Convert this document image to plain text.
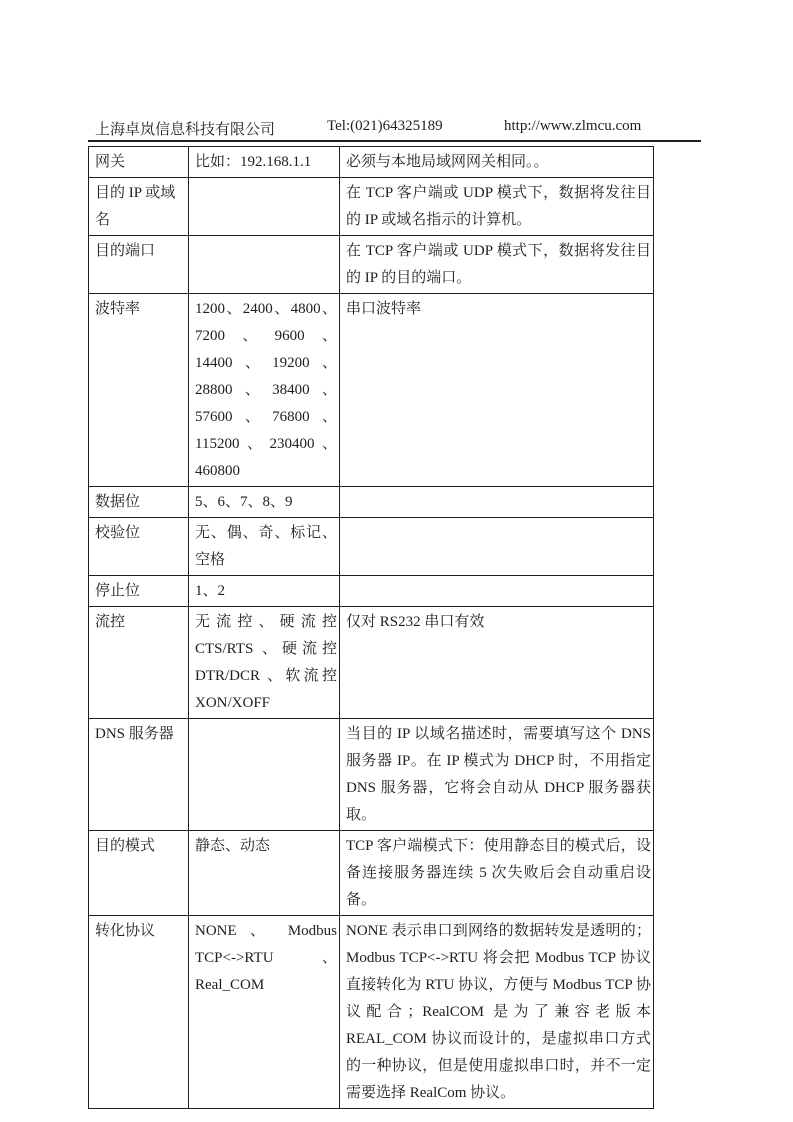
上海卓岚信息科技有限公司	Tel:(021)64325189	http://www.zlmcu.com
网关	比如：192.168.1.1	必须与本地局域网网关相同。。
目的 IP 或域名		在 TCP 客户端或 UDP 模式下，数据将发往目的 IP 或域名指示的计算机。
目的端口		在 TCP 客户端或 UDP 模式下，数据将发往目的 IP 的目的端口。
波特率	1200、2400、4800、7200、9600、14400、19200、28800、38400、57600、76800、115200、230400、460800	串口波特率
数据位	5、6、7、8、9	
校验位	无、偶、奇、标记、空格	
停止位	1、2	
流控	无流控、硬流控 CTS/RTS 、硬流控 DTR/DCR 、软流控 XON/XOFF	仅对 RS232 串口有效
DNS 服务器		当目的 IP 以域名描述时，需要填写这个 DNS 服务器 IP。在 IP 模式为 DHCP 时，不用指定 DNS 服务器，它将会自动从 DHCP 服务器获取。
目的模式	静态、动态	TCP 客户端模式下：使用静态目的模式后，设备连接服务器连续 5 次失败后会自动重启设备。
转化协议	NONE 、 Modbus TCP<->RTU、Real_COM	NONE 表示串口到网络的数据转发是透明的；Modbus TCP<->RTU 将会把 Modbus TCP 协议直接转化为 RTU 协议，方便与 Modbus TCP 协议配合；RealCOM 是为了兼容老版本 REAL_COM 协议而设计的，是虚拟串口方式的一种协议，但是使用虚拟串口时，并不一定需要选择 RealCom 协议。
